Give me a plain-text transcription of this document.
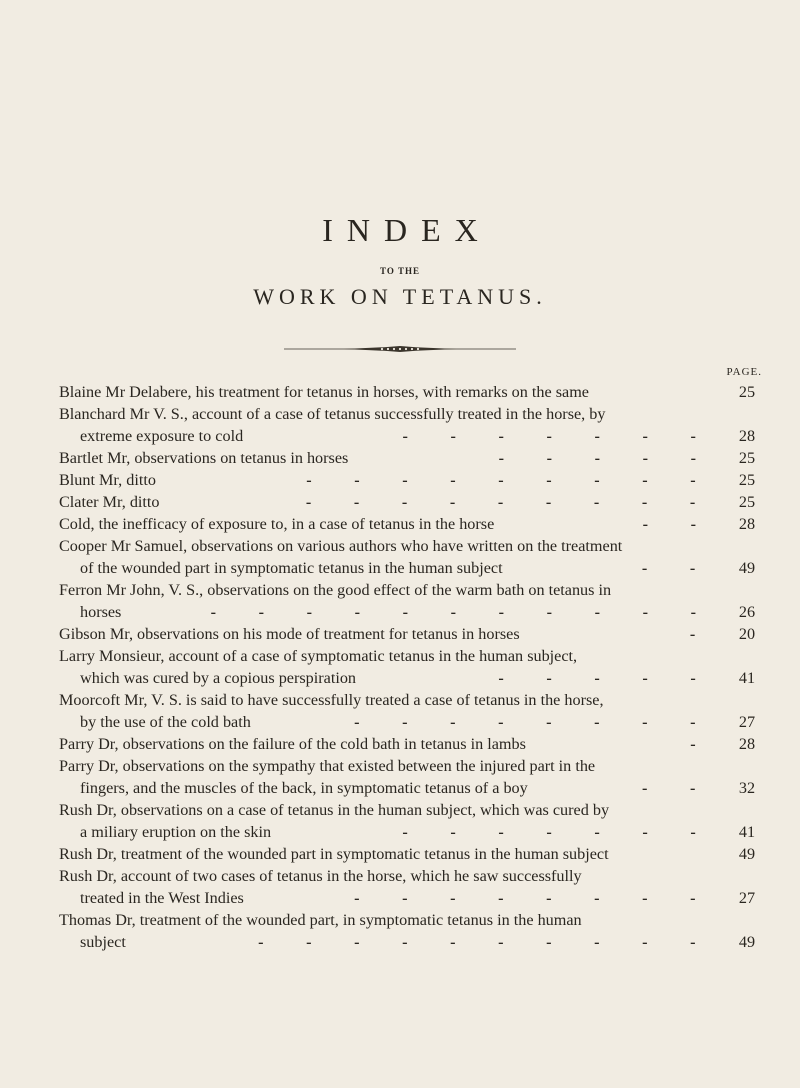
INDEX
TO THE
WORK ON TETANUS.
PAGE.
Blaine Mr Delabere, his treatment for tetanus in horses, with remarks on the same	25
Blanchard Mr V. S., account of a case of tetanus successfully treated in the horse, by
extreme exposure to cold	-	-	-	-	-	-	-	28
Bartlet Mr, observations on tetanus in horses	-	-	-	-	-	25
Blunt Mr, ditto	-	-	-	-	-	-	-	-	-	25
Clater Mr, ditto	-	-	-	-	-	-	-	-	-	25
Cold, the inefficacy of exposure to, in a case of tetanus in the horse	-	-	28
Cooper Mr Samuel, observations on various authors who have written on the treatment
of the wounded part in symptomatic tetanus in the human subject	-	-	49
Ferron Mr John, V. S., observations on the good effect of the warm bath on tetanus in
horses	-	-	-	-	-	-	-	-	-	-	-	26
Gibson Mr, observations on his mode of treatment for tetanus in horses	-	20
Larry Monsieur, account of a case of symptomatic tetanus in the human subject,
which was cured by a copious perspiration	-	-	-	-	-	41
Moorcoft Mr, V. S. is said to have successfully treated a case of tetanus in the horse,
by the use of the cold bath	-	-	-	-	-	-	-	-	27
Parry Dr, observations on the failure of the cold bath in tetanus in lambs	-	28
Parry Dr, observations on the sympathy that existed between the injured part in the
fingers, and the muscles of the back, in symptomatic tetanus of a boy	-	-	32
Rush Dr, observations on a case of tetanus in the human subject, which was cured by
a miliary eruption on the skin	-	-	-	-	-	-	-	41
Rush Dr, treatment of the wounded part in symptomatic tetanus in the human subject	49
Rush Dr, account of two cases of tetanus in the horse, which he saw successfully
treated in the West Indies	-	-	-	-	-	-	-	-	27
Thomas Dr, treatment of the wounded part, in symptomatic tetanus in the human
subject	-	-	-	-	-	-	-	-	-	-	49
